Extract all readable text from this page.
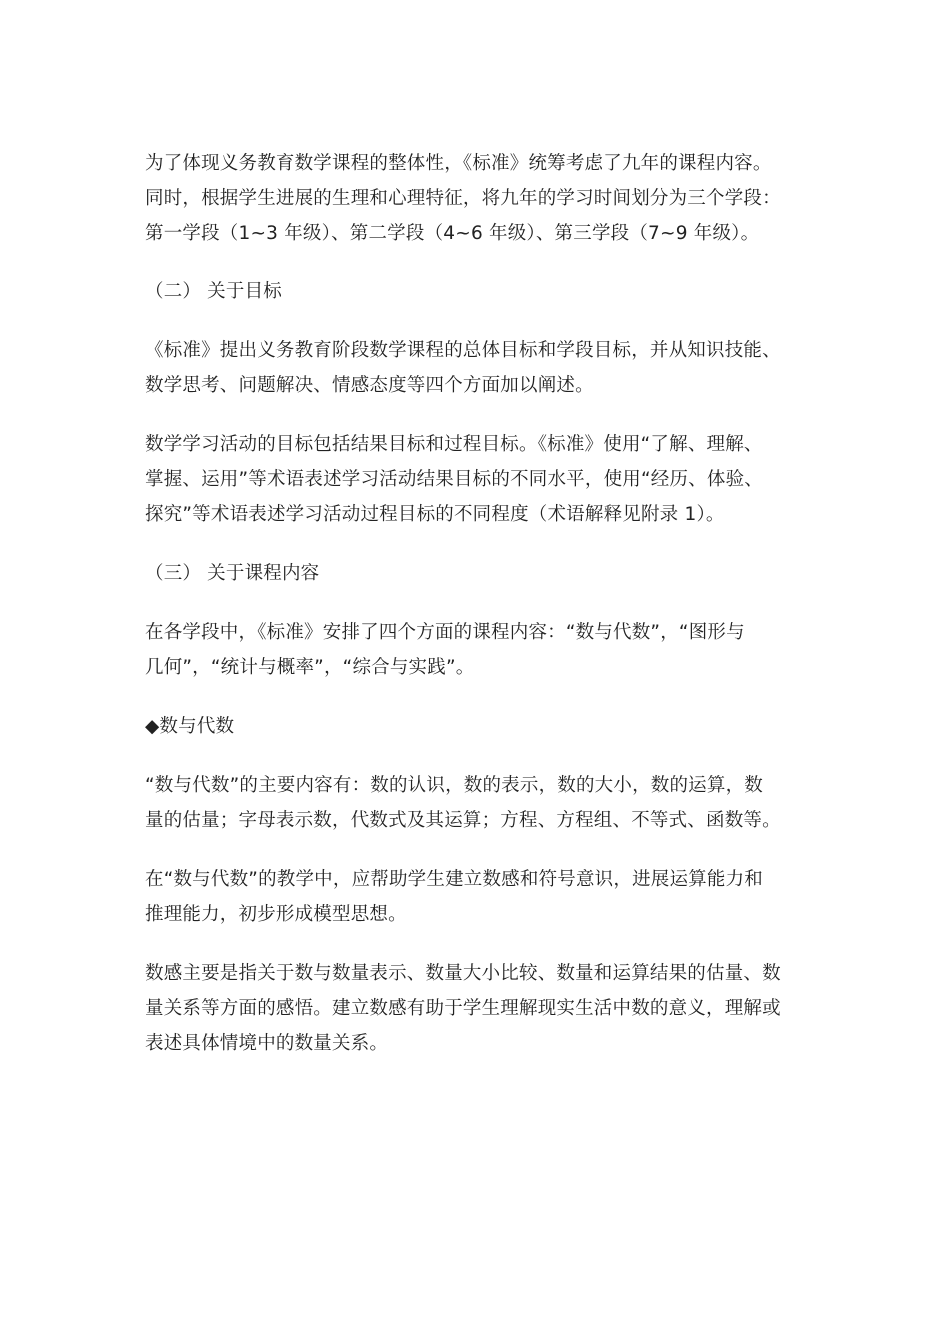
为了体现义务教育数学课程的整体性，《标准》统筹考虑了九年的课程内容。
同时，根据学生进展的生理和心理特征，将九年的学习时间划分为三个学段：
第一学段（1~3 年级）、第二学段（4~6 年级）、第三学段（7~9 年级）。
（二） 关于目标
《标准》提出义务教育阶段数学课程的总体目标和学段目标，并从知识技能、
数学思考、问题解决、情感态度等四个方面加以阐述。
数学学习活动的目标包括结果目标和过程目标。《标准》使用“了解、理解、
掌握、运用”等术语表述学习活动结果目标的不同水平，使用“经历、体验、
探究”等术语表述学习活动过程目标的不同程度（术语解释见附录 1）。
（三） 关于课程内容
在各学段中，《标准》安排了四个方面的课程内容：“数与代数”，“图形与
几何”，“统计与概率”，“综合与实践”。
◆数与代数
“数与代数”的主要内容有：数的认识，数的表示，数的大小，数的运算，数
量的估量；字母表示数，代数式及其运算；方程、方程组、不等式、函数等。
在“数与代数”的教学中，应帮助学生建立数感和符号意识，进展运算能力和
推理能力，初步形成模型思想。
数感主要是指关于数与数量表示、数量大小比较、数量和运算结果的估量、数
量关系等方面的感悟。建立数感有助于学生理解现实生活中数的意义，理解或
表述具体情境中的数量关系。
